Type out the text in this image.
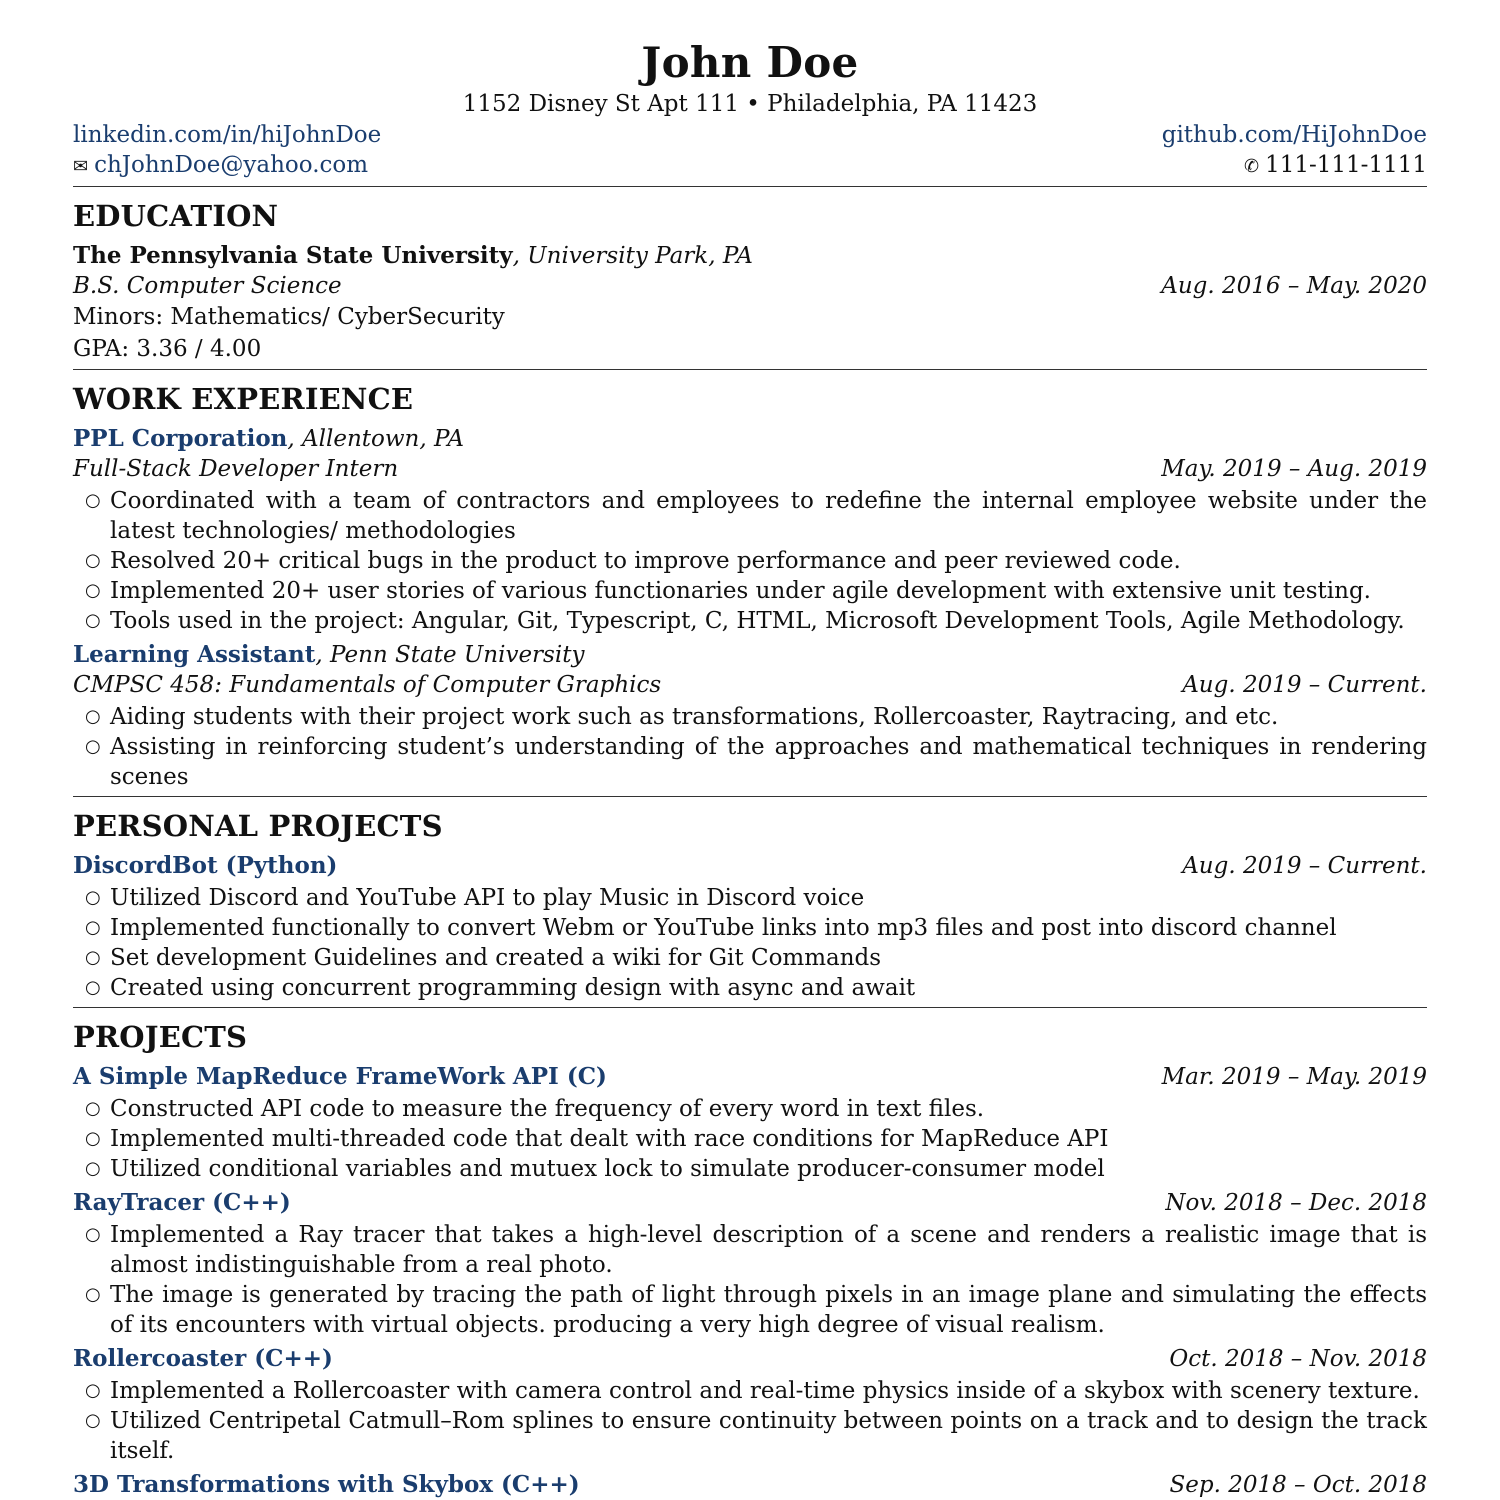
John Doe
1152 Disney St Apt 111 • Philadelphia, PA 11423
linkedin.com/in/hiJohnDoe	github.com/HiJohnDoe
✉ chJohnDoe@yahoo.com	✆ 111-111-1111
EDUCATION
The Pennsylvania State University, University Park, PA
B.S. Computer Science	Aug. 2016 – May. 2020
Minors: Mathematics/ CyberSecurity
GPA: 3.36 / 4.00
WORK EXPERIENCE
PPL Corporation, Allentown, PA
Full-Stack Developer Intern	May. 2019 – Aug. 2019
○ Coordinated with a team of contractors and employees to redefine the internal employee website under the latest technologies/ methodologies
○ Resolved 20+ critical bugs in the product to improve performance and peer reviewed code.
○ Implemented 20+ user stories of various functionaries under agile development with extensive unit testing.
○ Tools used in the project: Angular, Git, Typescript, C, HTML, Microsoft Development Tools, Agile Methodology.
Learning Assistant, Penn State University
CMPSC 458: Fundamentals of Computer Graphics	Aug. 2019 – Current.
○ Aiding students with their project work such as transformations, Rollercoaster, Raytracing, and etc.
○ Assisting in reinforcing student’s understanding of the approaches and mathematical techniques in rendering scenes
PERSONAL PROJECTS
DiscordBot (Python)	Aug. 2019 – Current.
○ Utilized Discord and YouTube API to play Music in Discord voice
○ Implemented functionally to convert Webm or YouTube links into mp3 files and post into discord channel
○ Set development Guidelines and created a wiki for Git Commands
○ Created using concurrent programming design with async and await
PROJECTS
A Simple MapReduce FrameWork API (C)	Mar. 2019 – May. 2019
○ Constructed API code to measure the frequency of every word in text files.
○ Implemented multi-threaded code that dealt with race conditions for MapReduce API
○ Utilized conditional variables and mutuex lock to simulate producer-consumer model
RayTracer (C++)	Nov. 2018 – Dec. 2018
○ Implemented a Ray tracer that takes a high-level description of a scene and renders a realistic image that is almost indistinguishable from a real photo.
○ The image is generated by tracing the path of light through pixels in an image plane and simulating the effects of its encounters with virtual objects. producing a very high degree of visual realism.
Rollercoaster (C++)	Oct. 2018 – Nov. 2018
○ Implemented a Rollercoaster with camera control and real-time physics inside of a skybox with scenery texture.
○ Utilized Centripetal Catmull–Rom splines to ensure continuity between points on a track and to design the track itself.
3D Transformations with Skybox (C++)	Sep. 2018 – Oct. 2018
